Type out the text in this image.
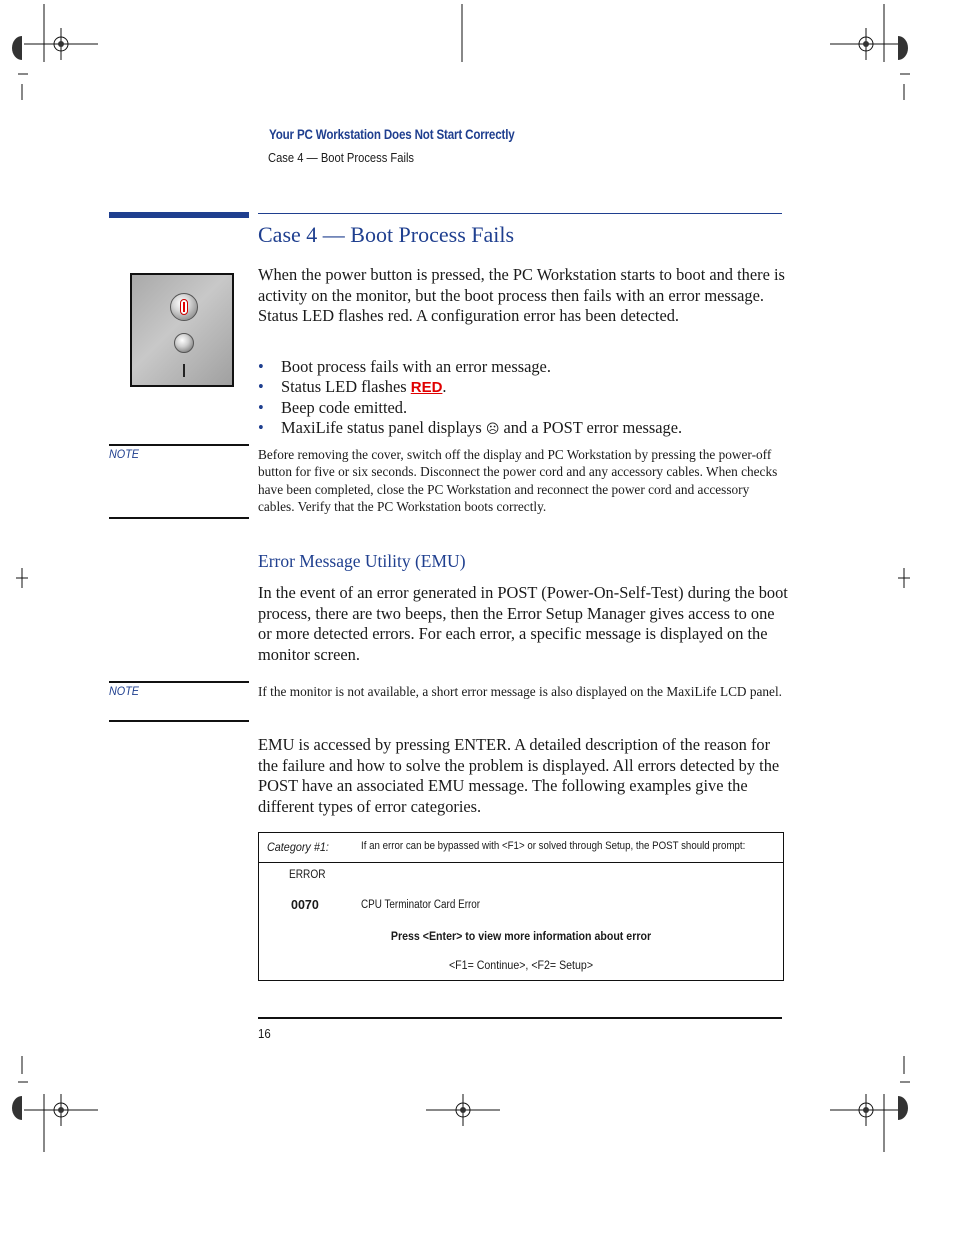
Your PC Workstation Does Not Start Correctly
Case 4 — Boot Process Fails
Case 4 — Boot Process Fails
When the power button is pressed, the PC Workstation starts to boot and there is activity on the monitor, but the boot process then fails with an error message. Status LED flashes red. A configuration error has been detected.
• Boot process fails with an error message.
• Status LED flashes RED.
• Beep code emitted.
• MaxiLife status panel displays ☹ and a POST error message.
NOTE	Before removing the cover, switch off the display and PC Workstation by pressing the power-off button for five or six seconds. Disconnect the power cord and any accessory cables. When checks have been completed, close the PC Workstation and reconnect the power cord and accessory cables. Verify that the PC Workstation boots correctly.
Error Message Utility (EMU)
In the event of an error generated in POST (Power-On-Self-Test) during the boot process, there are two beeps, then the Error Setup Manager gives access to one or more detected errors. For each error, a specific message is displayed on the monitor screen.
NOTE	If the monitor is not available, a short error message is also displayed on the MaxiLife LCD panel.
EMU is accessed by pressing ENTER. A detailed description of the reason for the failure and how to solve the problem is displayed. All errors detected by the POST have an associated EMU message. The following examples give the different types of error categories.
Category #1:	If an error can be bypassed with <F1> or solved through Setup, the POST should prompt:
ERROR
0070	CPU Terminator Card Error
Press <Enter> to view more information about error
<F1= Continue>, <F2= Setup>
16
